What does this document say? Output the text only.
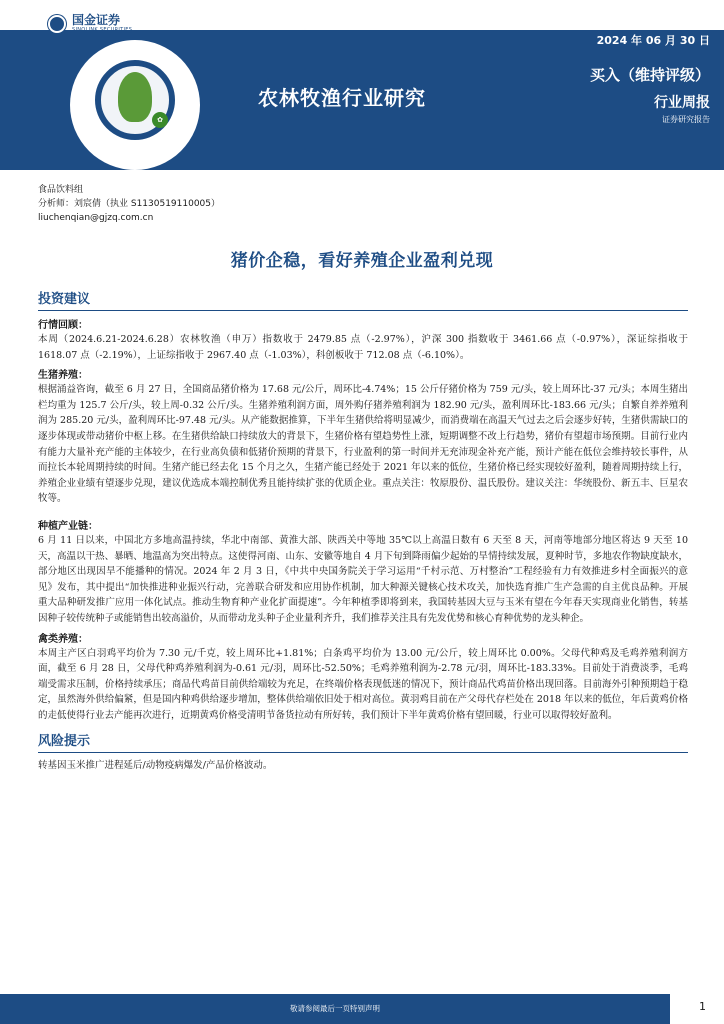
国金证券
SINOLINK SECURITIES
2024 年 06 月 30 日
✿
农林牧渔行业研究
买入（维持评级）
行业周报
证券研究报告
食品饮料组
分析师：刘宸倩（执业 S1130519110005）
liuchenqian@gjzq.com.cn
猪价企稳，看好养殖企业盈利兑现
投资建议
行情回顾：

本周（2024.6.21-2024.6.28）农林牧渔（申万）指数收于 2479.85 点（-2.97%），沪深 300 指数收于 3461.66 点（-0.97%），深证综指收于 1618.07 点（-2.19%），上证综指收于 2967.40 点（-1.03%），科创板收于 712.08 点（-6.10%）。

生猪养殖：

根据涌益咨询，截至 6 月 27 日，全国商品猪价格为 17.68 元/公斤，周环比-4.74%；15 公斤仔猪价格为 759 元/头，较上周环比-37 元/头；本周生猪出栏均重为 125.7 公斤/头，较上周-0.32 公斤/头。生猪养殖利润方面，周外购仔猪养殖利润为 182.90 元/头，盈利周环比-183.66 元/头；自繁自养养殖利润为 285.20 元/头，盈利周环比-97.48 元/头。从产能数据推算，下半年生猪供给将明显减少，而消费端在高温天气过去之后会逐步好转，生猪供需缺口的逐步体现或带动猪价中枢上移。在生猪供给缺口持续放大的背景下，生猪价格有望趋势性上涨，短期调整不改上行趋势，猪价有望超市场预期。目前行业内有能力大量补充产能的主体较少，在行业高负债和低猪价预期的背景下，行业盈利的第一时间并无充沛现金补充产能，预计产能在低位会维持较长事件，从而拉长本轮周期持续的时间。生猪产能已经去化 15 个月之久，生猪产能已经处于 2021 年以来的低位，生猪价格已经实现较好盈利，随着周期持续上行，养殖企业业绩有望逐步兑现，建议优选成本端控制优秀且能持续扩张的优质企业。重点关注：牧原股份、温氏股份。建议关注：华统股份、新五丰、巨星农牧等。

种植产业链：

6 月 11 日以来，中国北方多地高温持续，华北中南部、黄淮大部、陕西关中等地 35℃以上高温日数有 6 天至 8 天，河南等地部分地区将达 9 天至 10 天，高温以干热、暴晒、地温高为突出特点。这使得河南、山东、安徽等地自 4 月下旬到降雨偏少起始的旱情持续发展，夏种时节，多地农作物缺度缺水，部分地区出现因旱不能播种的情况。2024 年 2 月 3 日，《中共中央国务院关于学习运用“千村示范、万村整治”工程经验有力有效推进乡村全面振兴的意见》发布，其中提出“加快推进种业振兴行动，完善联合研发和应用协作机制，加大种源关键核心技术攻关，加快选育推广生产急需的自主优良品种。开展重大品种研发推广应用一体化试点。推动生物育种产业化扩面提速”。今年种植季即将到来，我国转基因大豆与玉米有望在今年春天实现商业化销售，转基因种子较传统种子或能销售出较高溢价，从而带动龙头种子企业量利齐升，我们推荐关注具有先发优势和核心育种优势的龙头种企。

禽类养殖：

本周主产区白羽鸡平均价为 7.30 元/千克，较上周环比+1.81%；白条鸡平均价为 13.00 元/公斤，较上周环比 0.00%。父母代种鸡及毛鸡养殖利润方面，截至 6 月 28 日，父母代种鸡养殖利润为-0.61 元/羽，周环比-52.50%；毛鸡养殖利润为-2.78 元/羽，周环比-183.33%。目前处于消费淡季，毛鸡端受需求压制，价格持续承压；商品代鸡苗目前供给端较为充足，在终端价格表现低迷的情况下，预计商品代鸡苗价格出现回落。目前海外引种预期趋于稳定，虽然海外供给偏紧，但是国内种鸡供给逐步增加，整体供给端依旧处于相对高位。黄羽鸡目前在产父母代存栏处在 2018 年以来的低位，年后黄鸡价格的走低使得行业去产能再次进行，近期黄鸡价格受清明节备货拉动有所好转，我们预计下半年黄鸡价格有望回暖，行业可以取得较好盈利。

风险提示

转基因玉米推广进程延后/动物疫病爆发/产品价格波动。

敬请参阅最后一页特别声明	1
